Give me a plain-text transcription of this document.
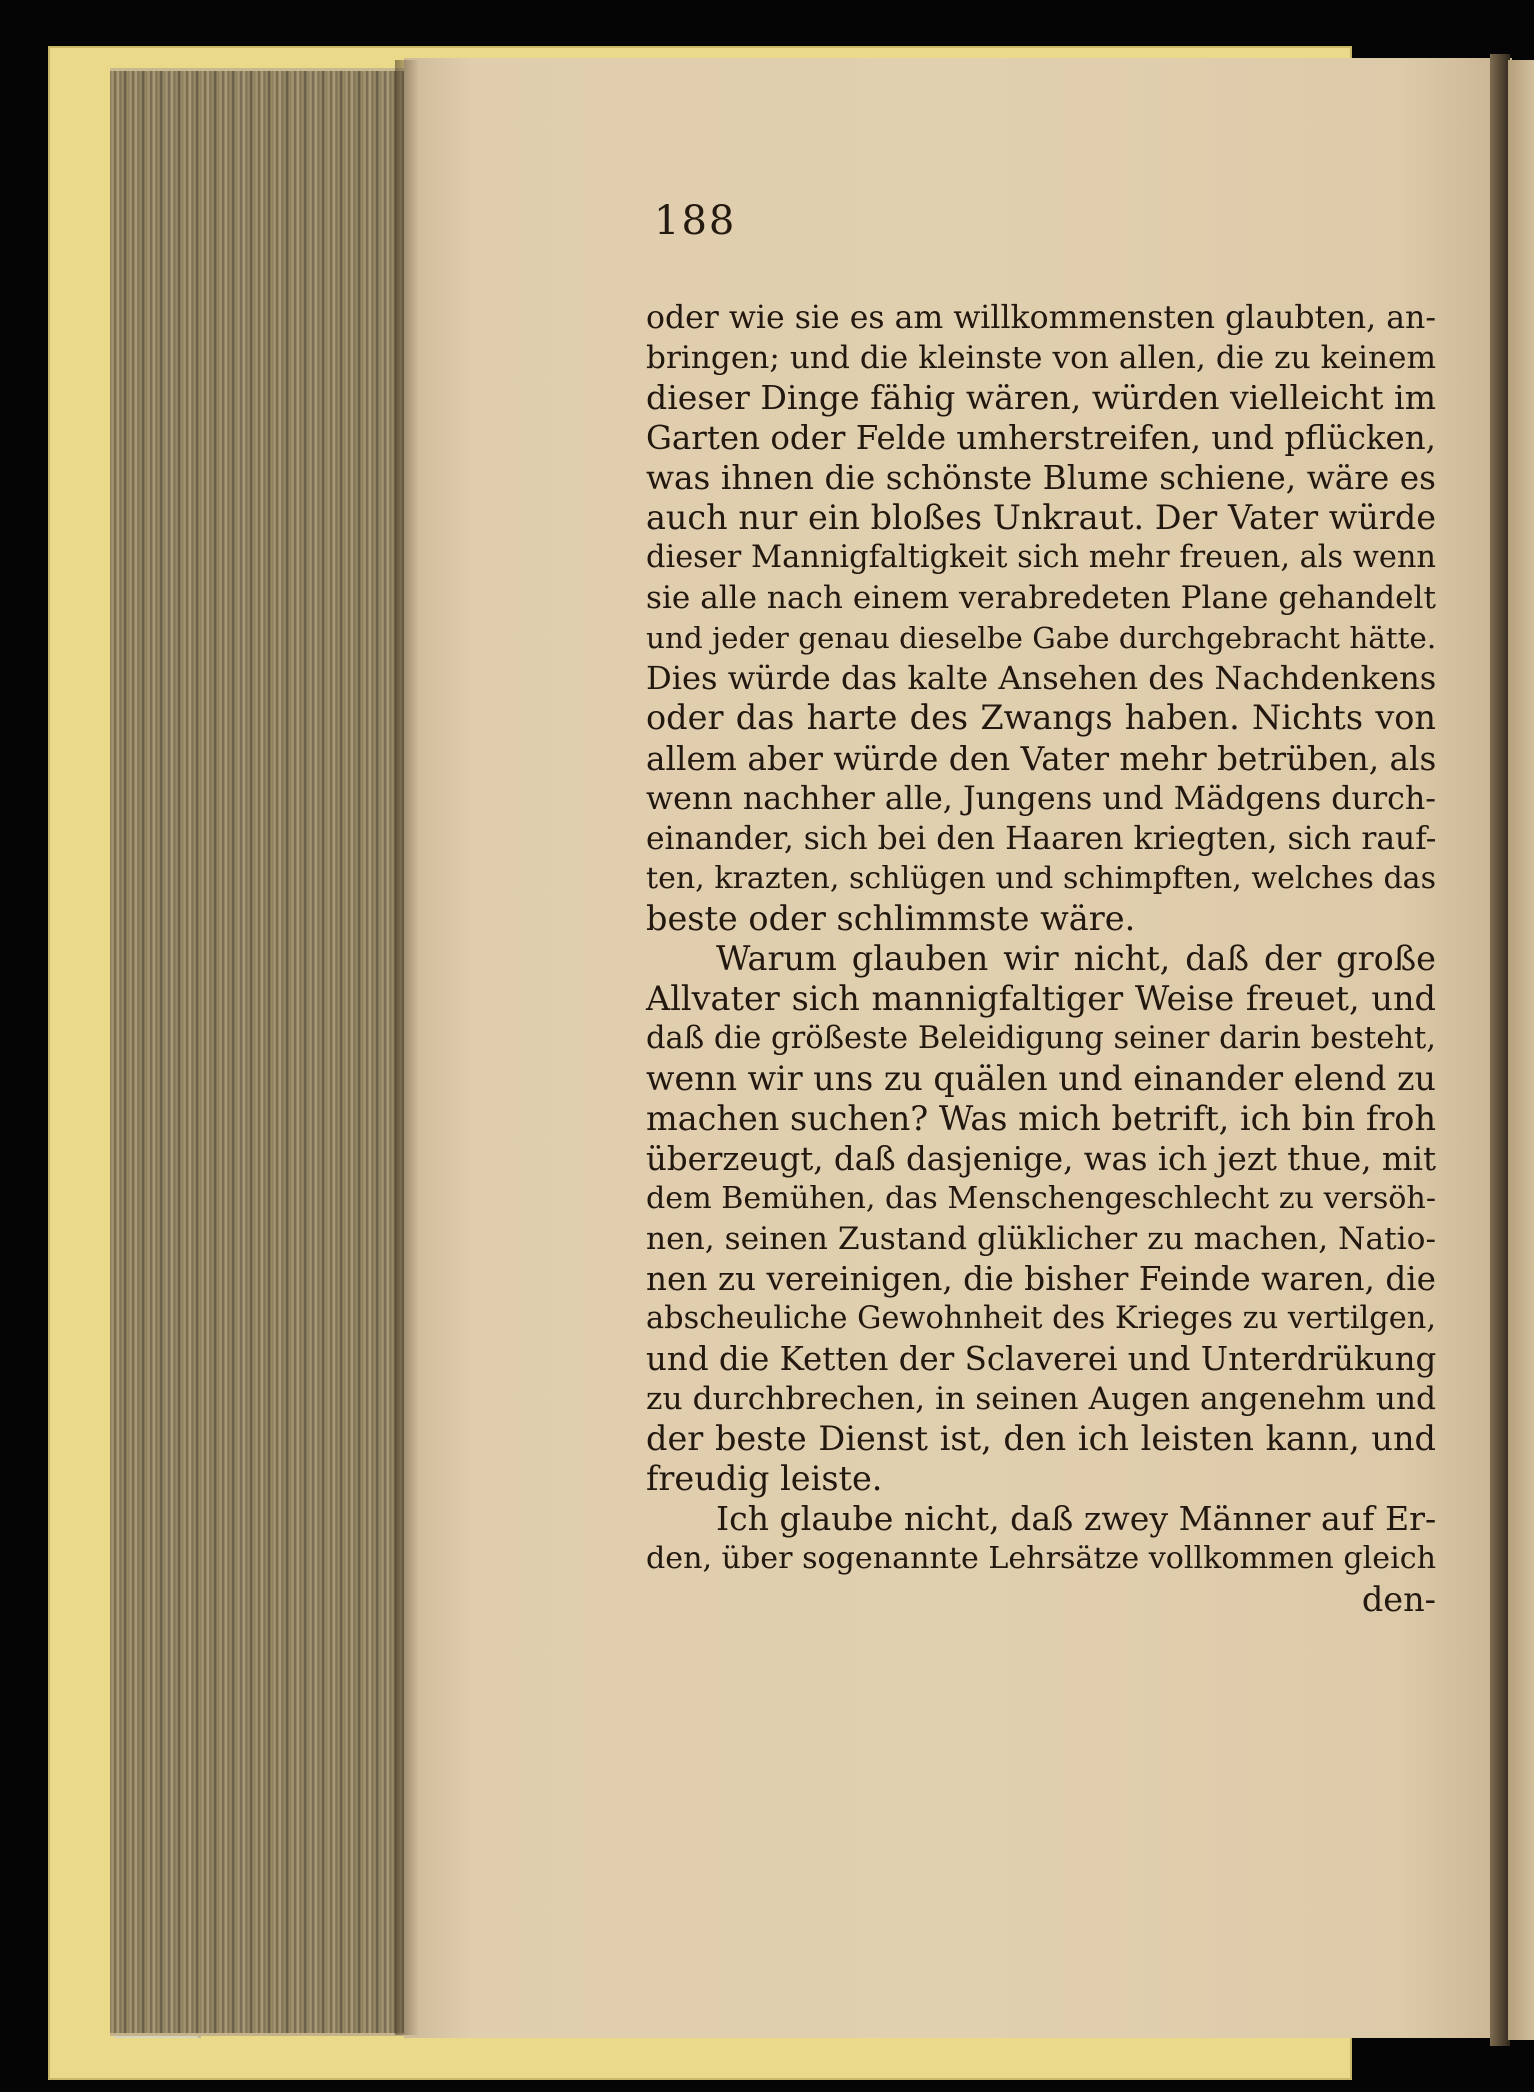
188
oder wie sie es am willkommensten glaubten, an-
bringen; und die kleinste von allen, die zu keinem
dieser Dinge fähig wären, würden vielleicht im
Garten oder Felde umherstreifen, und pflücken,
was ihnen die schönste Blume schiene, wäre es
auch nur ein bloßes Unkraut. Der Vater würde
dieser Mannigfaltigkeit sich mehr freuen, als wenn
sie alle nach einem verabredeten Plane gehandelt
und jeder genau dieselbe Gabe durchgebracht hätte.
Dies würde das kalte Ansehen des Nachdenkens
oder das harte des Zwangs haben. Nichts von
allem aber würde den Vater mehr betrüben, als
wenn nachher alle, Jungens und Mädgens durch-
einander, sich bei den Haaren kriegten, sich rauf-
ten, krazten, schlügen und schimpften, welches das
beste oder schlimmste wäre.
Warum glauben wir nicht, daß der große
Allvater sich mannigfaltiger Weise freuet, und
daß die größeste Beleidigung seiner darin besteht,
wenn wir uns zu quälen und einander elend zu
machen suchen? Was mich betrift, ich bin froh
überzeugt, daß dasjenige, was ich jezt thue, mit
dem Bemühen, das Menschengeschlecht zu versöh-
nen, seinen Zustand glüklicher zu machen, Natio-
nen zu vereinigen, die bisher Feinde waren, die
abscheuliche Gewohnheit des Krieges zu vertilgen,
und die Ketten der Sclaverei und Unterdrükung
zu durchbrechen, in seinen Augen angenehm und
der beste Dienst ist, den ich leisten kann, und
freudig leiste.
Ich glaube nicht, daß zwey Männer auf Er-
den, über sogenannte Lehrsätze vollkommen gleich
den-
